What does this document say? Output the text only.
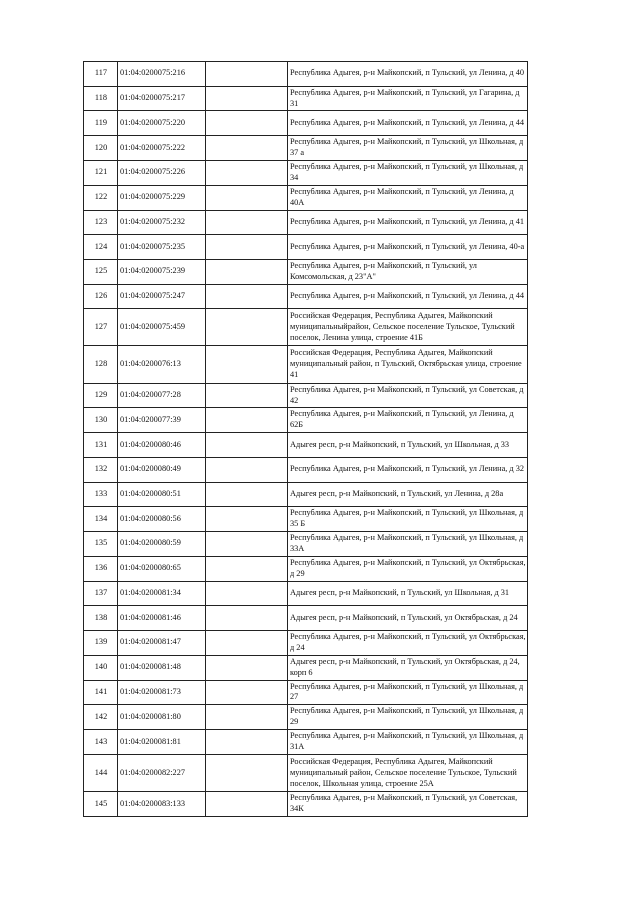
117	01:04:0200075:216		Республика Адыгея, р-н Майкопский, п Тульский, ул Ленина, д 40
118	01:04:0200075:217		Республика Адыгея, р-н Майкопский, п Тульский, ул Гагарина, д 31
119	01:04:0200075:220		Республика Адыгея, р-н Майкопский, п Тульский, ул Ленина, д 44
120	01:04:0200075:222		Республика Адыгея, р-н Майкопский, п Тульский, ул Школьная, д 37 а
121	01:04:0200075:226		Республика Адыгея, р-н Майкопский, п Тульский, ул Школьная, д 34
122	01:04:0200075:229		Республика Адыгея, р-н Майкопский, п Тульский, ул Ленина, д 40А
123	01:04:0200075:232		Республика Адыгея, р-н Майкопский, п Тульский, ул Ленина, д 41
124	01:04:0200075:235		Республика Адыгея, р-н Майкопский, п Тульский, ул Ленина, 40-а
125	01:04:0200075:239		Республика Адыгея, р-н Майкопский, п Тульский, ул Комсомольская, д 23"А"
126	01:04:0200075:247		Республика Адыгея, р-н Майкопский, п Тульский, ул Ленина, д 44
127	01:04:0200075:459		Российская Федерация, Республика Адыгея, Майкопский муниципальныйрайон, Сельское поселение Тульское, Тульский поселок, Ленина улица, строение 41Б
128	01:04:0200076:13		Российская Федерация, Республика Адыгея, Майкопский муниципальный район, п Тульский, Октябрьская улица, строение 41
129	01:04:0200077:28		Республика Адыгея, р-н Майкопский, п Тульский, ул Советская, д 42
130	01:04:0200077:39		Республика Адыгея, р-н Майкопский, п Тульский, ул Ленина, д 62Б
131	01:04:0200080:46		Адыгея респ, р-н Майкопский, п Тульский, ул Школьная, д 33
132	01:04:0200080:49		Республика Адыгея, р-н Майкопский, п Тульский, ул Ленина, д 32
133	01:04:0200080:51		Адыгея респ, р-н Майкопский, п Тульский, ул Ленина, д 28а
134	01:04:0200080:56		Республика Адыгея, р-н Майкопский, п Тульский, ул Школьная, д 35 Б
135	01:04:0200080:59		Республика Адыгея, р-н Майкопский, п Тульский, ул Школьная, д 33А
136	01:04:0200080:65		Республика Адыгея, р-н Майкопский, п Тульский, ул Октябрьская, д 29
137	01:04:0200081:34		Адыгея респ, р-н Майкопский, п Тульский, ул Школьная, д 31
138	01:04:0200081:46		Адыгея респ, р-н Майкопский, п Тульский, ул Октябрьская, д 24
139	01:04:0200081:47		Республика Адыгея, р-н Майкопский, п Тульский, ул Октябрьская, д 24
140	01:04:0200081:48		Адыгея респ, р-н Майкопский, п Тульский, ул Октябрьская, д 24, корп 6
141	01:04:0200081:73		Республика Адыгея, р-н Майкопский, п Тульский, ул Школьная, д 27
142	01:04:0200081:80		Республика Адыгея, р-н Майкопский, п Тульский, ул Школьная, д 29
143	01:04:0200081:81		Республика Адыгея, р-н Майкопский, п Тульский, ул Школьная, д 31А
144	01:04:0200082:227		Российская Федерация, Республика Адыгея, Майкопский муниципальный район, Сельское поселение Тульское, Тульский поселок, Школьная улица, строение 25А
145	01:04:0200083:133		Республика Адыгея, р-н Майкопский, п Тульский, ул Советская, 34К
